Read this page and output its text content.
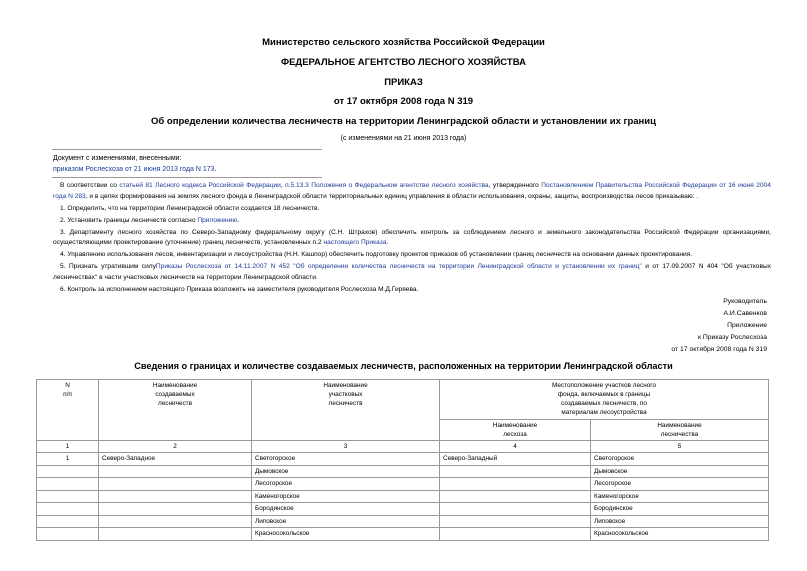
Министерство сельского хозяйства Российской Федерации

ФЕДЕРАЛЬНОЕ АГЕНТСТВО ЛЕСНОГО ХОЗЯЙСТВА

ПРИКАЗ

от 17 октября 2008 года N 319

Об определении количества лесничеств на территории Ленинградской области и установлении их границ

(с изменениями на 21 июня 2013 года)
Документ с изменениями, внесенными:
приказом Рослесхоза от 21 июня 2013 года N 173.

В соответствии со статьей 81 Лесного кодекса Российской Федерации, п.5.13.3 Положения о Федеральном агентстве лесного хозяйства, утвержденного Постановлением Правительства Российской Федерации от 16 июня 2004 года N 283, и в целях формирования на землях лесного фонда в Ленинградской области территориальных единиц управления в области использования, охраны, защиты, воспроизводства лесов приказываю: .

1. Определить, что на территории Ленинградской области создается 18 лесничеств.

2. Установить границы лесничеств согласно Приложению.

3. Департаменту лесного хозяйства по Северо-Западному федеральному округу (С.Н. Штрахов) обеспечить контроль за соблюдением лесного и земельного законодательства Российской Федерации организациями, осуществляющими проектирование (уточнение) границ лесничеств, установленных п.2 настоящего Приказа.

4. Управлению использования лесов, инвентаризации и лесоустройства (Н.Н. Кашпор) обеспечить подготовку проектов приказов об установлении границ лесничеств на основании данных проектирования.

5. Признать утратившим силуПриказы Рослесхоза от 14.11.2007 N 452 "Об определении количества лесничеств на территории Ленинградской области и установлении их границ" и от 17.09.2007 N 404 "Об участковых лесничествах" в части участковых лесничеств на территории Ленинградской области.

6. Контроль за исполнением настоящего Приказа возложить на заместителя руководителя Рослесхоза М.Д.Гиряева.

Руководитель
А.И.Савенков
Приложение
к Приказу Рослесхоза
от 17 октября 2008 года N 319
Сведения о границах и количестве создаваемых лесничеств, расположенных на территории Ленинградской области
N
п/п	Наименование
создаваемых
лесничеств	Наименование
участковых
лесничеств	Местоположение участков лесного
фонда, включаемых в границы
создаваемых лесничеств, по
материалам лесоустройства	
			Наименование
лесхоза	Наименование
лесничества
1	2	3	4	5
1	Северо-Западное	Светогорское	Северо-Западный	Светогорское
		Дымовское		Дымовское
		Лесогорское		Лесогорское
		Каменогорское		Каменогорское
		Бородинское		Бородинское
		Липовское		Липовское
		Красносокольское		Красносокольское
